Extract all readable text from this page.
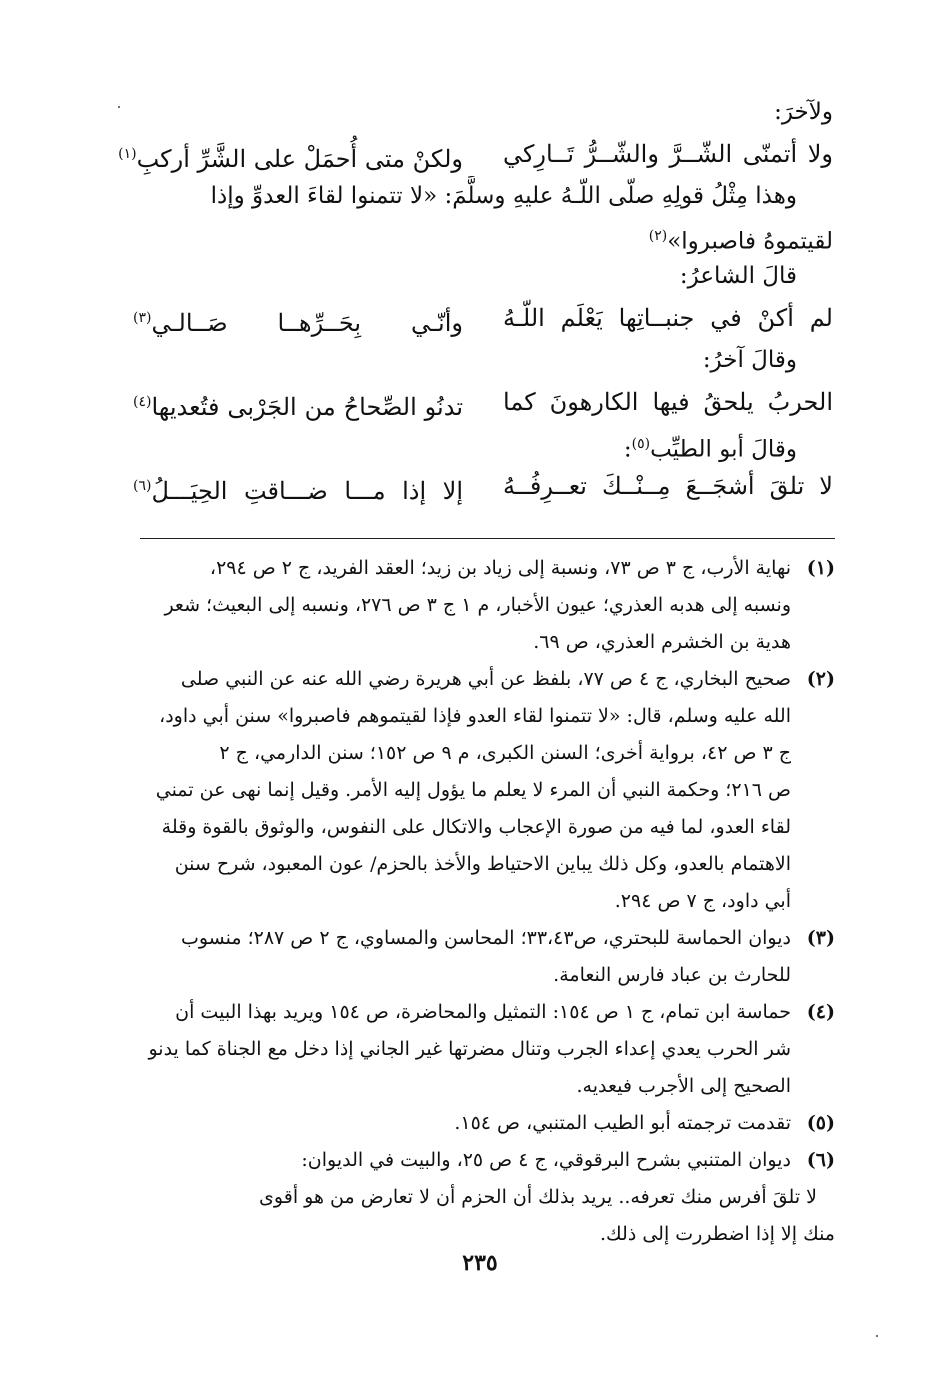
ولآخرَ:
ولا أتمنّى الشّــرَّ والشّــرُّ تَــارِكي
ولكنْ متى أُحمَلْ على الشَّرِّ أركبِ$^{(١)}$
وهذا مِثْلُ قولِهِ صلّى اللّـهُ عليهِ وسلَّمَ: «لا تتمنوا لقاءَ العدوِّ وإذا
لقيتموهُ فاصبروا»$^{(٢)}$
قالَ الشاعرُ:
لم أكنْ في جنبــاتِها يَعْلَم اللّـهُ
وأنّـي بِحَــرِّهــا صَــالـي$^{(٣)}$
وقالَ آخرُ:
الحربُ يلحقُ فيها الكارهونَ كما
تدنُو الصِّحاحُ من الجَرْبى فتُعديها$^{(٤)}$
وقالَ أبو الطيِّب$^{(٥)}$:
لا تلقَ أشجَــعَ مِــنْــكَ تعــرِفُــهُ
إلا إذا مـــا ضـــاقتِ الحِيَـــلُ$^{(٦)}$
(١)
نهاية الأرب، ج ٣ ص ٧٣، ونسبة إلى زياد بن زيد؛ العقد الفريد، ج ٢ ص ٢٩٤،
ونسبه إلى هدبه العذري؛ عيون الأخبار، م ١ ج ٣ ص ٢٧٦، ونسبه إلى البعيث؛ شعر
هدية بن الخشرم العذري، ص ٦٩.
(٢)
صحيح البخاري، ج ٤ ص ٧٧، بلفظ عن أبي هريرة رضي الله عنه عن النبي صلى
الله عليه وسلم، قال: «لا تتمنوا لقاء العدو فإذا لقيتموهم فاصبروا» سنن أبي داود،
ج ٣ ص ٤٢، برواية أخرى؛ السنن الكبرى، م ٩ ص ١٥٢؛ سنن الدارمي، ج ٢
ص ٢١٦؛ وحكمة النبي أن المرء لا يعلم ما يؤول إليه الأمر. وقيل إنما نهى عن تمني
لقاء العدو، لما فيه من صورة الإعجاب والاتكال على النفوس، والوثوق بالقوة وقلة
الاهتمام بالعدو، وكل ذلك يباين الاحتياط والأخذ بالحزم/ عون المعبود، شرح سنن
أبي داود، ج ٧ ص ٢٩٤.
(٣)
ديوان الحماسة للبحتري، ص٣٣،٤٣؛ المحاسن والمساوي، ج ٢ ص ٢٨٧؛ منسوب
للحارث بن عباد فارس النعامة.
(٤)
حماسة ابن تمام، ج ١ ص ١٥٤: التمثيل والمحاضرة، ص ١٥٤ ويريد بهذا البيت أن
شر الحرب يعدي إعداء الجرب وتنال مضرتها غير الجاني إذا دخل مع الجناة كما يدنو
الصحيح إلى الأجرب فيعديه.
(٥)
تقدمت ترجمته أبو الطيب المتنبي، ص ١٥٤.
(٦)
ديوان المتنبي بشرح البرقوقي، ج ٤ ص ٢٥، والبيت في الديوان:
لا تلقَ أفرس منك تعرفه.. يريد بذلك أن الحزم أن لا تعارض من هو أقوى
منك إلا إذا اضطررت إلى ذلك.
٢٣٥
